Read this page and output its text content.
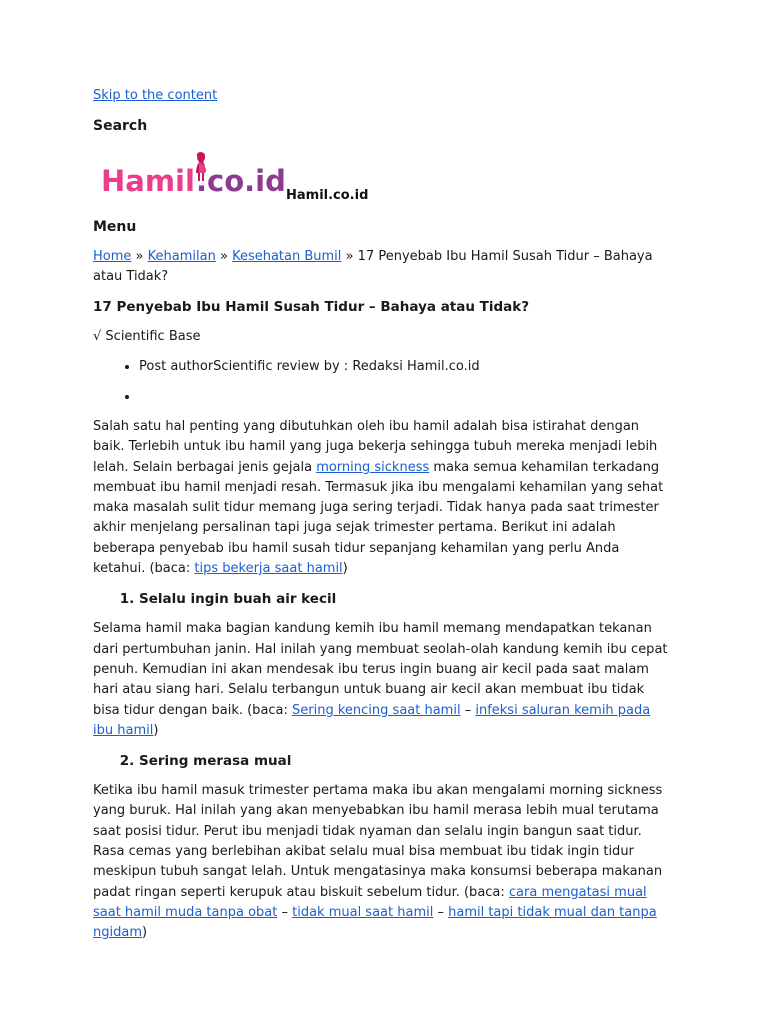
Skip to the content
Search
Hamil .co.id Hamil.co.id
Menu
Home » Kehamilan » Kesehatan Bumil » 17 Penyebab Ibu Hamil Susah Tidur – Bahaya atau Tidak?
17 Penyebab Ibu Hamil Susah Tidur – Bahaya atau Tidak?
√ Scientific Base
• Post authorScientific review by : Redaksi Hamil.co.id
•

Salah satu hal penting yang dibutuhkan oleh ibu hamil adalah bisa istirahat dengan baik. Terlebih untuk ibu hamil yang juga bekerja sehingga tubuh mereka menjadi lebih lelah. Selain berbagai jenis gejala morning sickness maka semua kehamilan terkadang membuat ibu hamil menjadi resah. Termasuk jika ibu mengalami kehamilan yang sehat maka masalah sulit tidur memang juga sering terjadi. Tidak hanya pada saat trimester akhir menjelang persalinan tapi juga sejak trimester pertama. Berikut ini adalah beberapa penyebab ibu hamil susah tidur sepanjang kehamilan yang perlu Anda ketahui. (baca: tips bekerja saat hamil)

1. Selalu ingin buah air kecil

Selama hamil maka bagian kandung kemih ibu hamil memang mendapatkan tekanan dari pertumbuhan janin. Hal inilah yang membuat seolah-olah kandung kemih ibu cepat penuh. Kemudian ini akan mendesak ibu terus ingin buang air kecil pada saat malam hari atau siang hari. Selalu terbangun untuk buang air kecil akan membuat ibu tidak bisa tidur dengan baik. (baca: Sering kencing saat hamil – infeksi saluran kemih pada ibu hamil)

2. Sering merasa mual

Ketika ibu hamil masuk trimester pertama maka ibu akan mengalami morning sickness yang buruk. Hal inilah yang akan menyebabkan ibu hamil merasa lebih mual terutama saat posisi tidur. Perut ibu menjadi tidak nyaman dan selalu ingin bangun saat tidur. Rasa cemas yang berlebihan akibat selalu mual bisa membuat ibu tidak ingin tidur meskipun tubuh sangat lelah. Untuk mengatasinya maka konsumsi beberapa makanan padat ringan seperti kerupuk atau biskuit sebelum tidur. (baca: cara mengatasi mual saat hamil muda tanpa obat – tidak mual saat hamil – hamil tapi tidak mual dan tanpa ngidam)
